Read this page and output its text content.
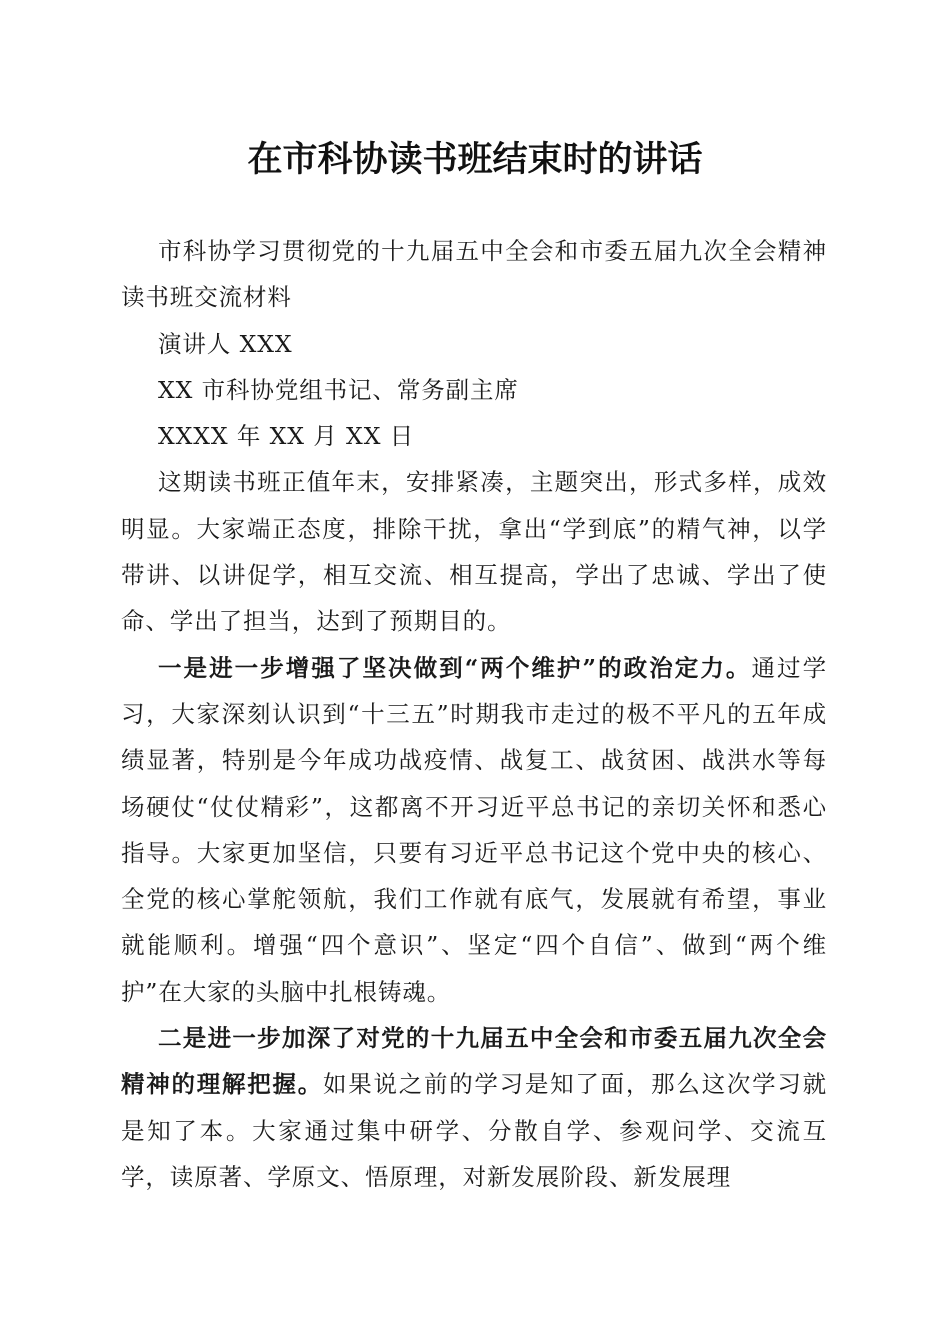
在市科协读书班结束时的讲话

市科协学习贯彻党的十九届五中全会和市委五届九次全会精神读书班交流材料

演讲人 XXX

XX 市科协党组书记、常务副主席

XXXX 年 XX 月 XX 日

这期读书班正值年末，安排紧凑，主题突出，形式多样，成效明显。大家端正态度，排除干扰，拿出“学到底”的精气神，以学带讲、以讲促学，相互交流、相互提高，学出了忠诚、学出了使命、学出了担当，达到了预期目的。

一是进一步增强了坚决做到“两个维护”的政治定力。通过学习，大家深刻认识到“十三五”时期我市走过的极不平凡的五年成绩显著，特别是今年成功战疫情、战复工、战贫困、战洪水等每场硬仗“仗仗精彩”，这都离不开习近平总书记的亲切关怀和悉心指导。大家更加坚信，只要有习近平总书记这个党中央的核心、全党的核心掌舵领航，我们工作就有底气，发展就有希望，事业就能顺利。增强“四个意识”、坚定“四个自信”、做到“两个维护”在大家的头脑中扎根铸魂。

二是进一步加深了对党的十九届五中全会和市委五届九次全会精神的理解把握。如果说之前的学习是知了面，那么这次学习就是知了本。大家通过集中研学、分散自学、参观问学、交流互学，读原著、学原文、悟原理，对新发展阶段、新发展理
